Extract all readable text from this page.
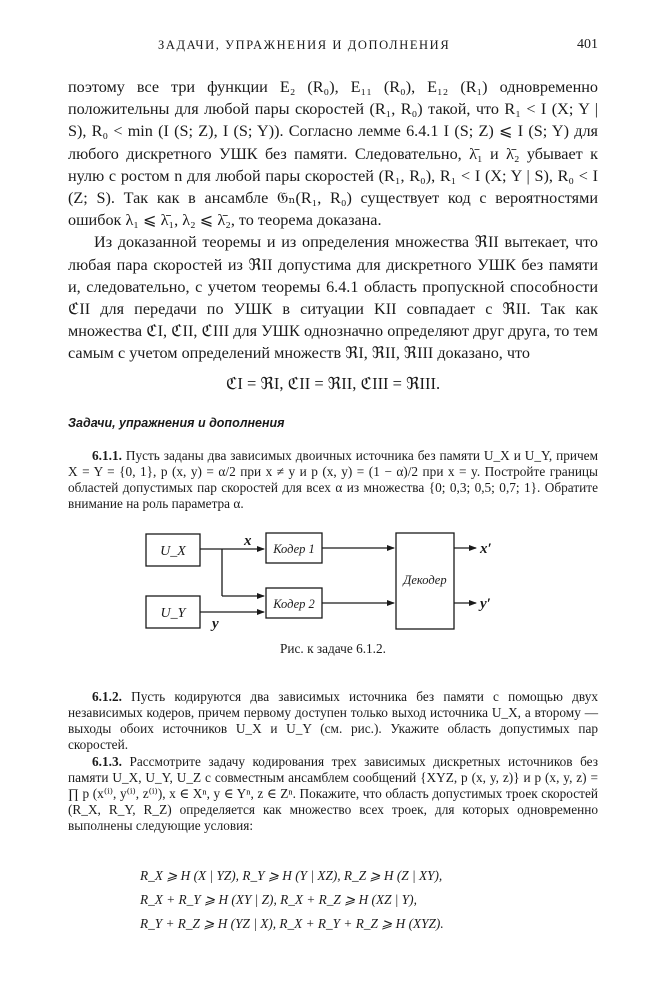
ЗАДАЧИ, УПРАЖНЕНИЯ И ДОПОЛНЕНИЯ	401

поэтому все три функции E₂ (R₀), E₁₁ (R₀), E₁₂ (R₁) одновременно положительны для любой пары скоростей (R₁, R₀) такой, что R₁ < I (X; Y | S), R₀ < min (I (S; Z), I (S; Y)). Согласно лемме 6.4.1 I (S; Z) ⩽ I (S; Y) для любого дискретного УШК без памяти. Следовательно, λ̄₁ и λ̄₂ убывает к нулю с ростом n для любой пары скоростей (R₁, R₀), R₁ < I (X; Y | S), R₀ < I (Z; S). Так как в ансамбле 𝔊ₙ(R₁, R₀) существует код с вероятностями ошибок λ₁ ⩽ λ̄₁, λ₂ ⩽ λ̄₂, то теорема доказана.

Из доказанной теоремы и из определения множества ℜII вытекает, что любая пара скоростей из ℜII допустима для дискретного УШК без памяти и, следовательно, с учетом теоремы 6.4.1 область пропускной способности ℭII для передачи по УШК в ситуации KII совпадает с ℜII. Так как множества ℭI, ℭII, ℭIII для УШК однозначно определяют друг друга, то тем самым с учетом определений множеств ℜI, ℜII, ℜIII доказано, что

ℭI = ℜI, ℭII = ℜII, ℭIII = ℜIII.
Задачи, упражнения и дополнения

6.1.1. Пусть заданы два зависимых двоичных источника без памяти U_X и U_Y, причем X = Y = {0, 1}, p (x, y) = α/2 при x ≠ y и p (x, y) = (1 − α)/2 при x = y. Постройте границы областей допустимых пар скоростей для всех α из множества {0; 0,3; 0,5; 0,7; 1}. Обратите внимание на роль параметра α.

U_X
U_Y
Кодер 1
Кодер 2
Декодер
x
y
x′
y′
Рис. к задаче 6.1.2.

6.1.2. Пусть кодируются два зависимых источника без памяти с помощью двух независимых кодеров, причем первому доступен только выход источника U_X, а второму — выходы обоих источников U_X и U_Y (см. рис.). Укажите область допустимых пар скоростей.

6.1.3. Рассмотрите задачу кодирования трех зависимых дискретных источников без памяти U_X, U_Y, U_Z с совместным ансамблем сообщений {XYZ, p (x, y, z)} и p (x, y, z) = ∏ p (x⁽ⁱ⁾, y⁽ⁱ⁾, z⁽ⁱ⁾), x ∈ Xⁿ, y ∈ Yⁿ, z ∈ Zⁿ. Покажите, что область допустимых троек скоростей (R_X, R_Y, R_Z) определяется как множество всех троек, для которых одновременно выполнены следующие условия:

R_X ⩾ H (X | YZ), R_Y ⩾ H (Y | XZ), R_Z ⩾ H (Z | XY),
R_X + R_Y ⩾ H (XY | Z), R_X + R_Z ⩾ H (XZ | Y),
R_Y + R_Z ⩾ H (YZ | X), R_X + R_Y + R_Z ⩾ H (XYZ).
